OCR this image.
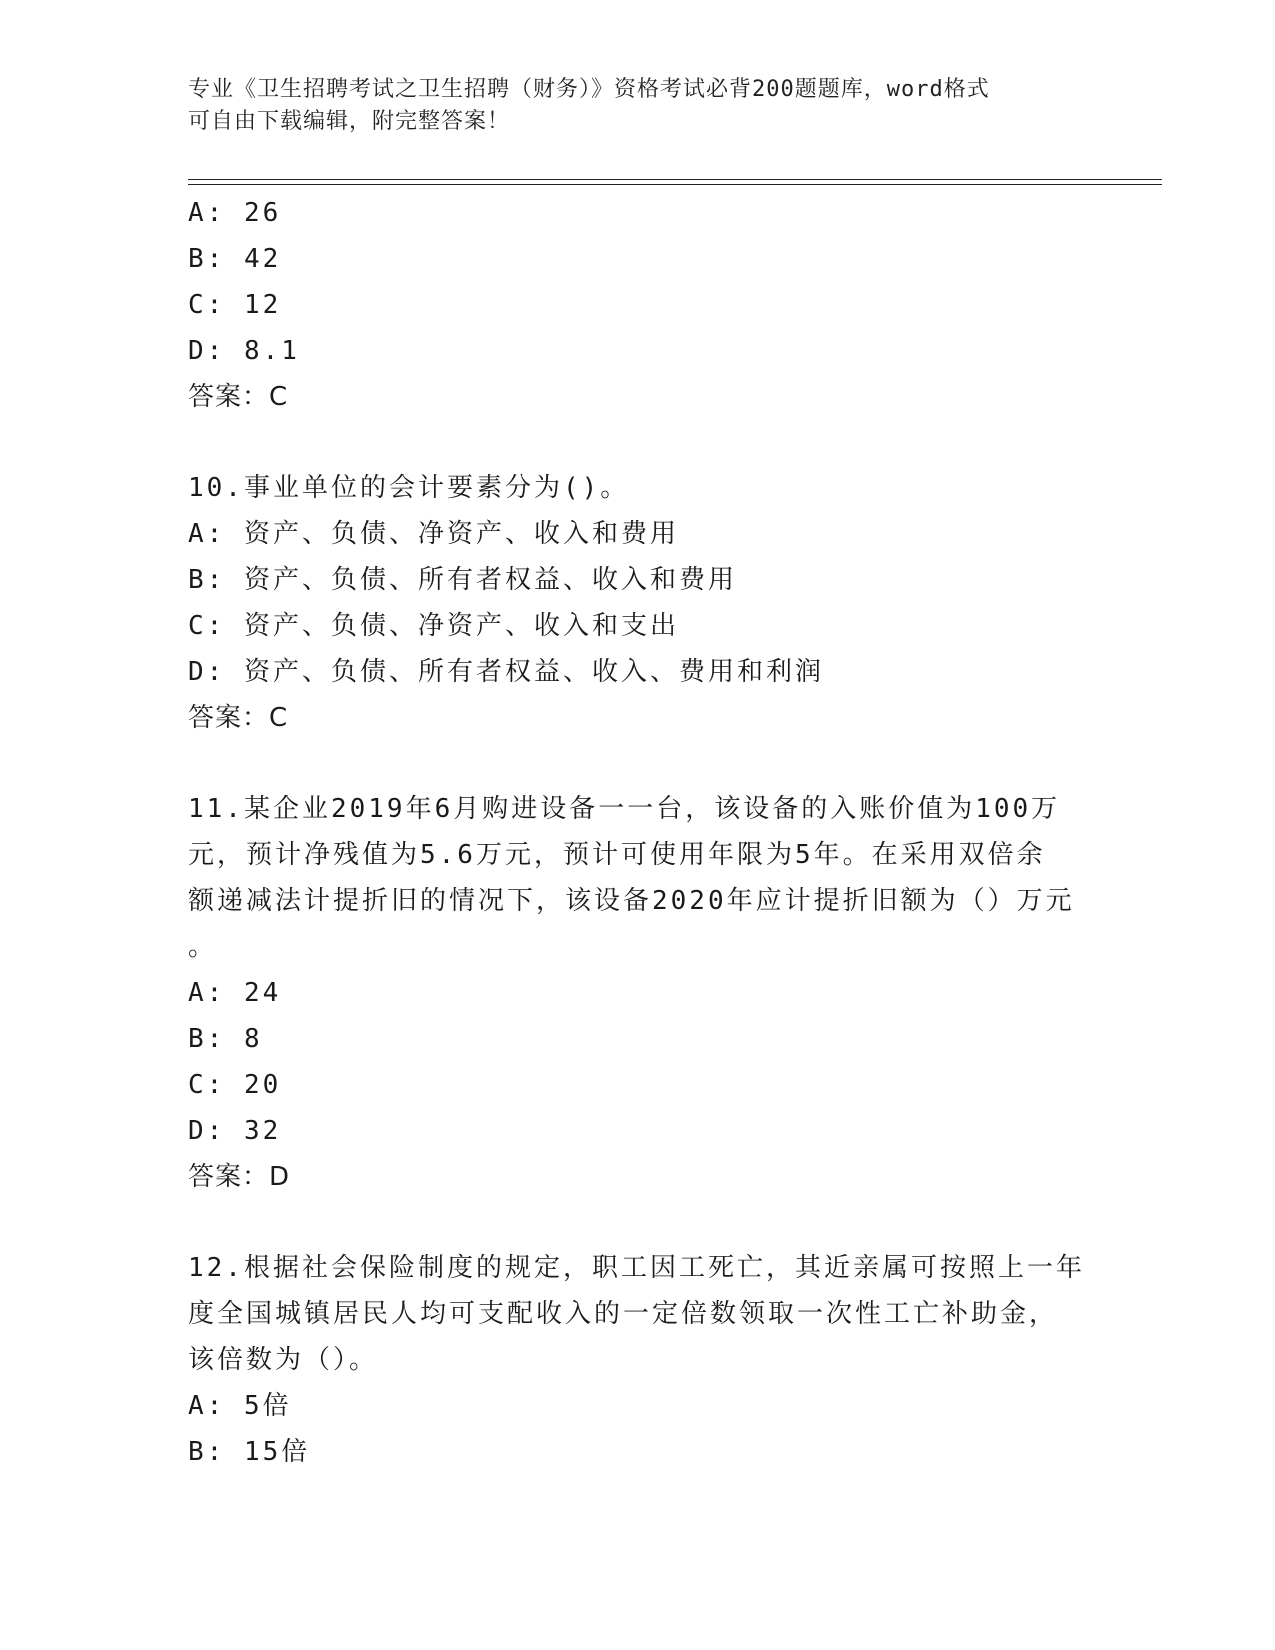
专业《卫生招聘考试之卫生招聘（财务）》资格考试必背200题题库，word格式
可自由下载编辑，附完整答案！
A: 26
B: 42
C: 12
D: 8.1
答案：C
10.事业单位的会计要素分为()。
A: 资产、负债、净资产、收入和费用
B: 资产、负债、所有者权益、收入和费用
C: 资产、负债、净资产、收入和支出
D: 资产、负债、所有者权益、收入、费用和利润
答案：C
11.某企业2019年6月购进设备一一台，该设备的入账价值为100万
元，预计净残值为5.6万元，预计可使用年限为5年。在采用双倍余
额递减法计提折旧的情况下，该设备2020年应计提折旧额为（）万元
。
A: 24
B: 8
C: 20
D: 32
答案：D
12.根据社会保险制度的规定，职工因工死亡，其近亲属可按照上一年
度全国城镇居民人均可支配收入的一定倍数领取一次性工亡补助金，
该倍数为（）。
A: 5倍
B: 15倍
